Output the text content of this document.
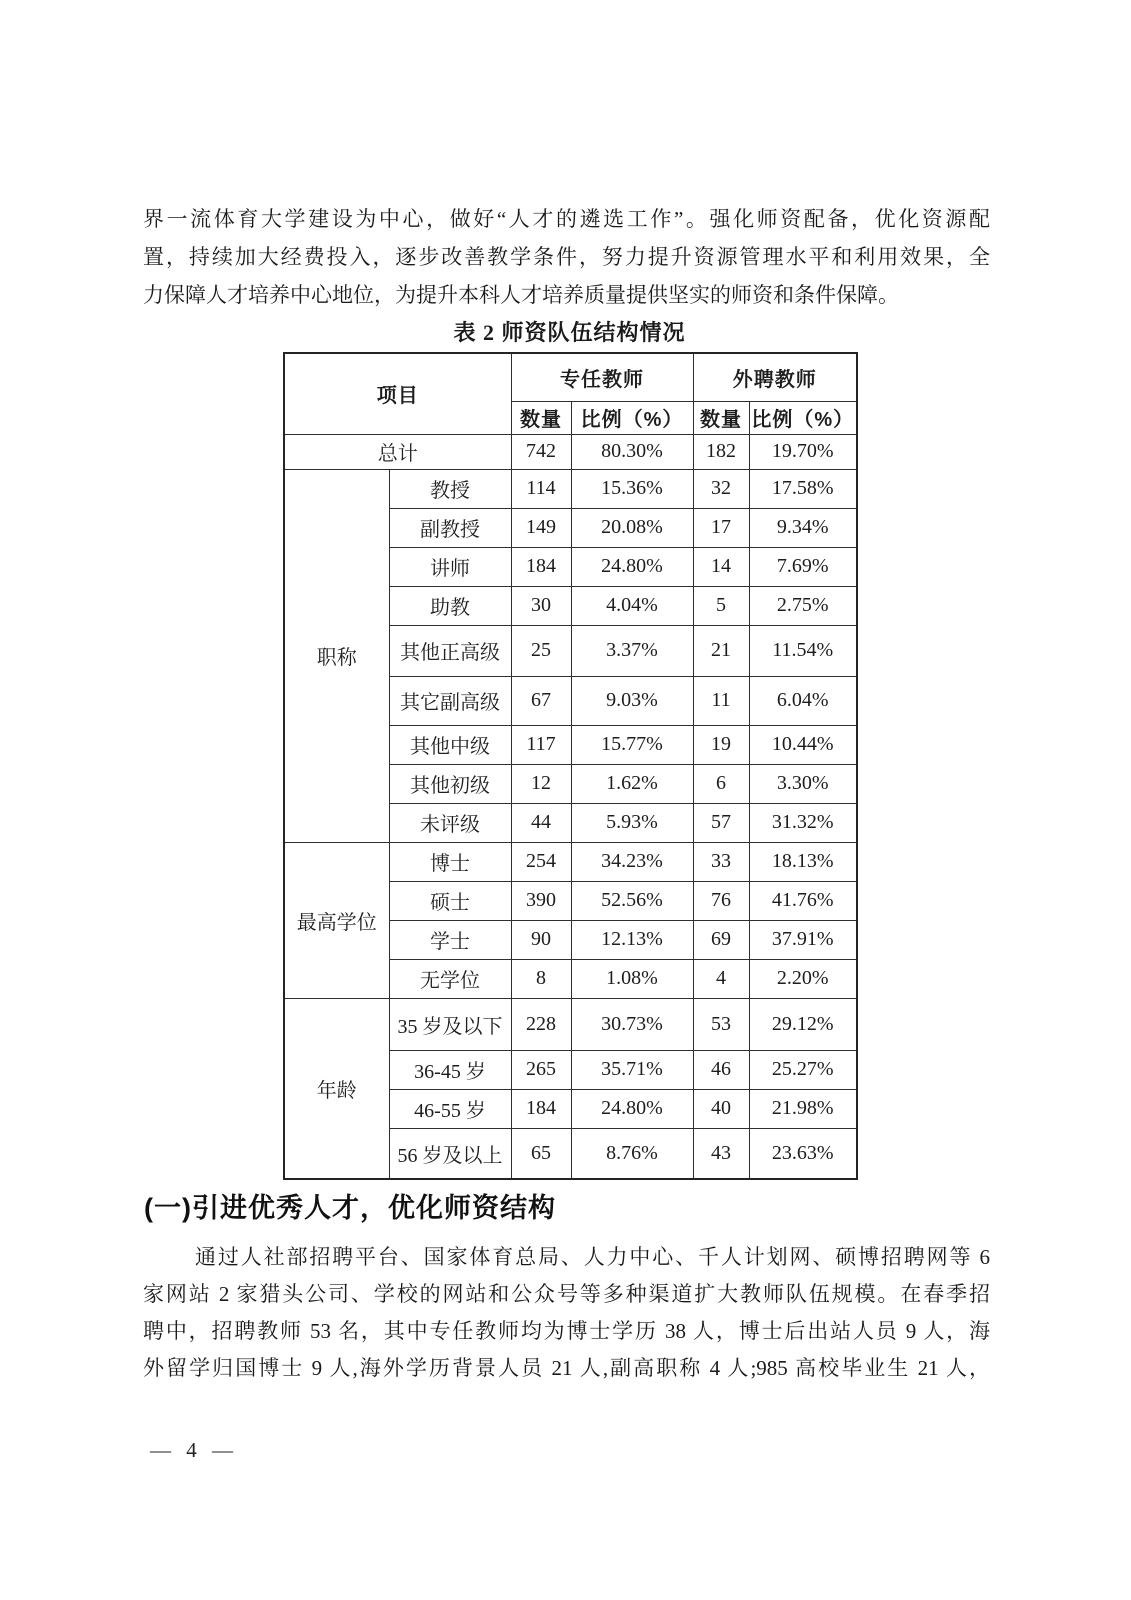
界一流体育大学建设为中心，做好“人才的遴选工作”。强化师资配备，优化资源配
置，持续加大经费投入，逐步改善教学条件，努力提升资源管理水平和利用效果，全
力保障人才培养中心地位，为提升本科人才培养质量提供坚实的师资和条件保障。
表 2 师资队伍结构情况
项目		专任教师		外聘教师	
		数量	比例（%）	数量	比例（%）
总计		742	80.30%	182	19.70%
职称	教授	114	15.36%	32	17.58%
	副教授	149	20.08%	17	9.34%
	讲师	184	24.80%	14	7.69%
	助教	30	4.04%	5	2.75%
	其他正高级	25	3.37%	21	11.54%
	其它副高级	67	9.03%	11	6.04%
	其他中级	117	15.77%	19	10.44%
	其他初级	12	1.62%	6	3.30%
	未评级	44	5.93%	57	31.32%
最高学位	博士	254	34.23%	33	18.13%
	硕士	390	52.56%	76	41.76%
	学士	90	12.13%	69	37.91%
	无学位	8	1.08%	4	2.20%
年龄	35 岁及以下	228	30.73%	53	29.12%
	36-45 岁	265	35.71%	46	25.27%
	46-55 岁	184	24.80%	40	21.98%
	56 岁及以上	65	8.76%	43	23.63%
(一)引进优秀人才，优化师资结构
通过人社部招聘平台、国家体育总局、人力中心、千人计划网、硕博招聘网等 6
家网站 2 家猎头公司、学校的网站和公众号等多种渠道扩大教师队伍规模。在春季招
聘中，招聘教师 53 名，其中专任教师均为博士学历 38 人，博士后出站人员 9 人，海
外留学归国博士 9 人,海外学历背景人员 21 人,副高职称 4 人;985 高校毕业生 21 人，
— 4 —
